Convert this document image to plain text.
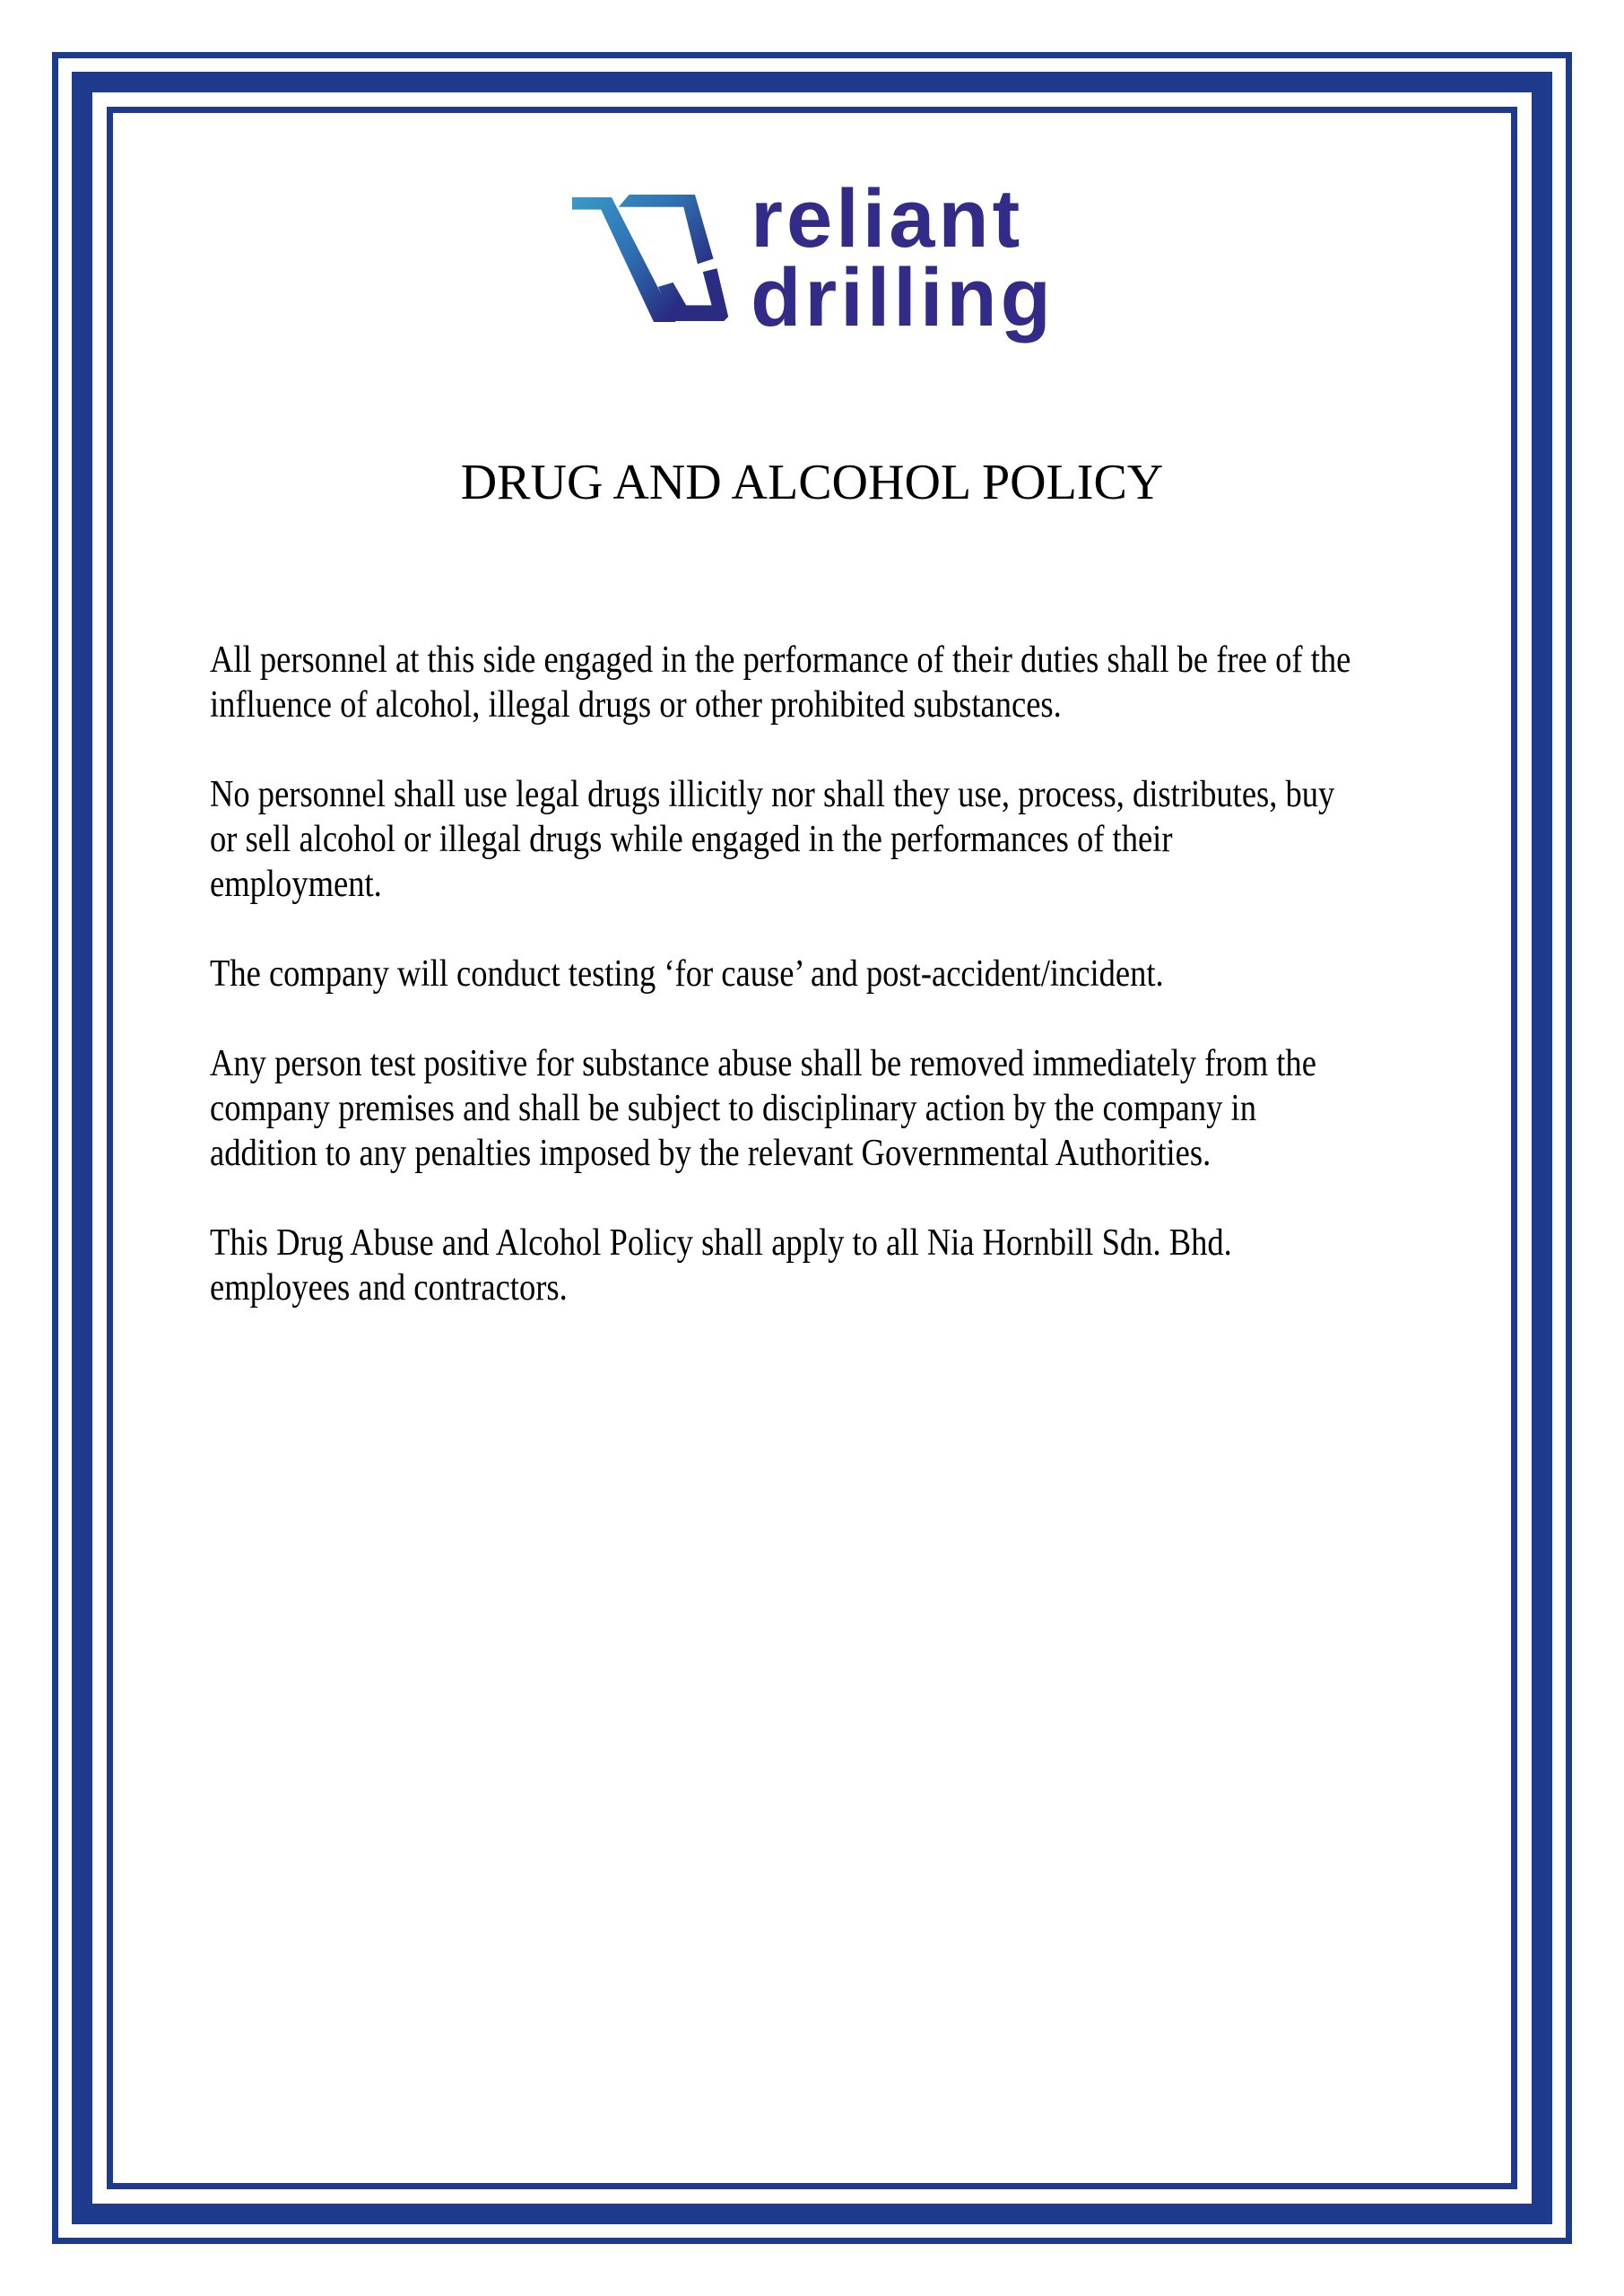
reliant
drilling
DRUG AND ALCOHOL POLICY

All personnel at this side engaged in the performance of their duties shall be free of the
influence of alcohol, illegal drugs or other prohibited substances.

No personnel shall use legal drugs illicitly nor shall they use, process, distributes, buy
or sell alcohol or illegal drugs while engaged in the performances of their
employment.

The company will conduct testing ‘for cause’ and post-accident/incident.

Any person test positive for substance abuse shall be removed immediately from the
company premises and shall be subject to disciplinary action by the company in
addition to any penalties imposed by the relevant Governmental Authorities.

This Drug Abuse and Alcohol Policy shall apply to all Nia Hornbill Sdn. Bhd.
employees and contractors.
